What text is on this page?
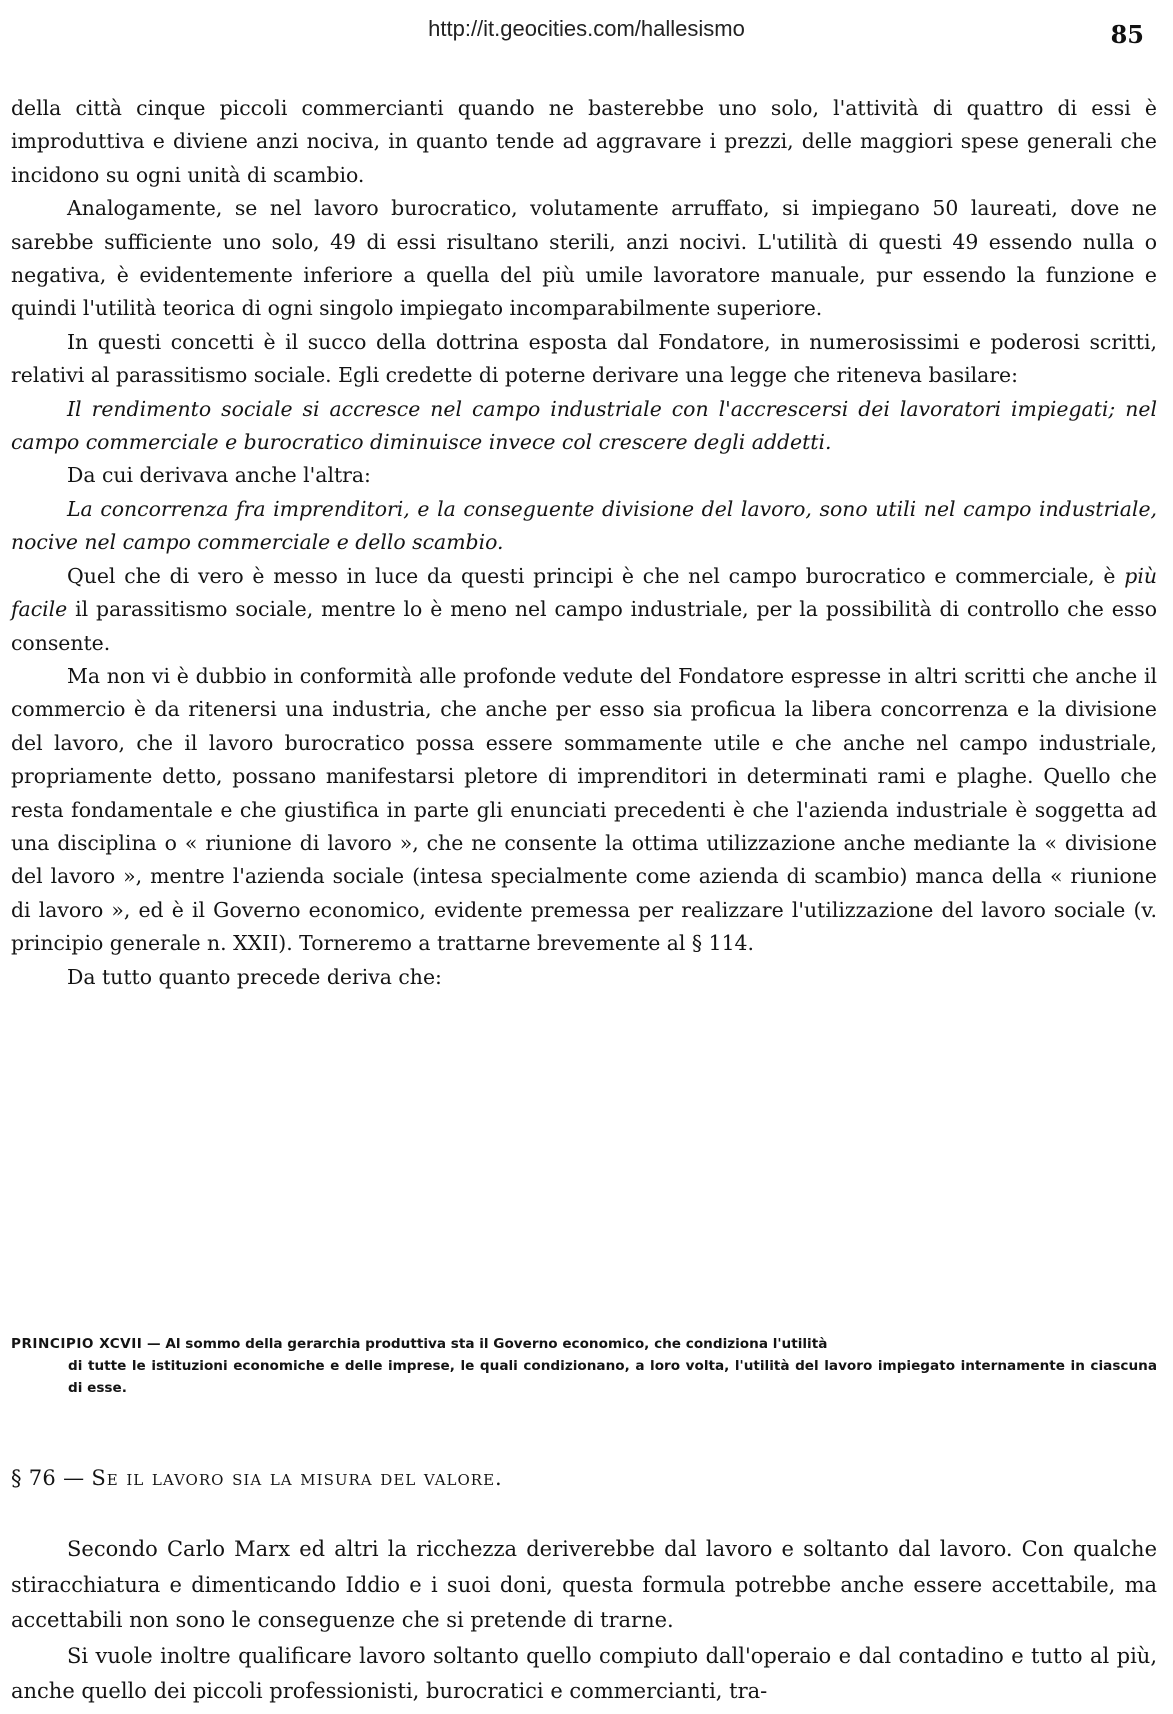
http://it.geocities.com/hallesismo	85

della città cinque piccoli commercianti quando ne basterebbe uno solo, l'attività di quattro di essi è improduttiva e diviene anzi nociva, in quanto tende ad aggravare i prezzi, delle maggiori spese generali che incidono su ogni unità di scambio.

Analogamente, se nel lavoro burocratico, volutamente arruffato, si impiegano 50 laureati, dove ne sarebbe sufficiente uno solo, 49 di essi risultano sterili, anzi nocivi. L'utilità di questi 49 essendo nulla o negativa, è evidentemente inferiore a quella del più umile lavoratore manuale, pur essendo la funzione e quindi l'utilità teorica di ogni singolo impiegato incomparabilmente superiore.

In questi concetti è il succo della dottrina esposta dal Fondatore, in numerosissimi e poderosi scritti, relativi al parassitismo sociale. Egli credette di poterne derivare una legge che riteneva basilare:

Il rendimento sociale si accresce nel campo industriale con l'accrescersi dei lavoratori impiegati; nel campo commerciale e burocratico diminuisce invece col crescere degli addetti.

Da cui derivava anche l'altra:

La concorrenza fra imprenditori, e la conseguente divisione del lavoro, sono utili nel campo industriale, nocive nel campo commerciale e dello scambio.

Quel che di vero è messo in luce da questi principi è che nel campo burocratico e commerciale, è più facile il parassitismo sociale, mentre lo è meno nel campo industriale, per la possibilità di controllo che esso consente.

Ma non vi è dubbio in conformità alle profonde vedute del Fondatore espresse in altri scritti che anche il commercio è da ritenersi una industria, che anche per esso sia proficua la libera concorrenza e la divisione del lavoro, che il lavoro burocratico possa essere sommamente utile e che anche nel campo industriale, propriamente detto, possano manifestarsi pletore di imprenditori in determinati rami e plaghe. Quello che resta fondamentale e che giustifica in parte gli enunciati precedenti è che l'azienda industriale è soggetta ad una disciplina o « riunione di lavoro », che ne consente la ottima utilizzazione anche mediante la « divisione del lavoro », mentre l'azienda sociale (intesa specialmente come azienda di scambio) manca della « riunione di lavoro », ed è il Governo economico, evidente premessa per realizzare l'utilizzazione del lavoro sociale (v. principio generale n. XXII). Torneremo a trattarne brevemente al § 114.

Da tutto quanto precede deriva che:

PRINCIPIO XCVII — Al sommo della gerarchia produttiva sta il Governo economico, che condiziona l'utilità
di tutte le istituzioni economiche e delle imprese, le quali condizionano, a loro volta, l'utilità del lavoro impiegato internamente in ciascuna di esse.
§ 76 — Se il lavoro sia la misura del valore.

Secondo Carlo Marx ed altri la ricchezza deriverebbe dal lavoro e soltanto dal lavoro. Con qualche stiracchiatura e dimenticando Iddio e i suoi doni, questa formula potrebbe anche essere accettabile, ma accettabili non sono le conseguenze che si pretende di trarne.

Si vuole inoltre qualificare lavoro soltanto quello compiuto dall'operaio e dal contadino e tutto al più, anche quello dei piccoli professionisti, burocratici e commercianti, tra-
